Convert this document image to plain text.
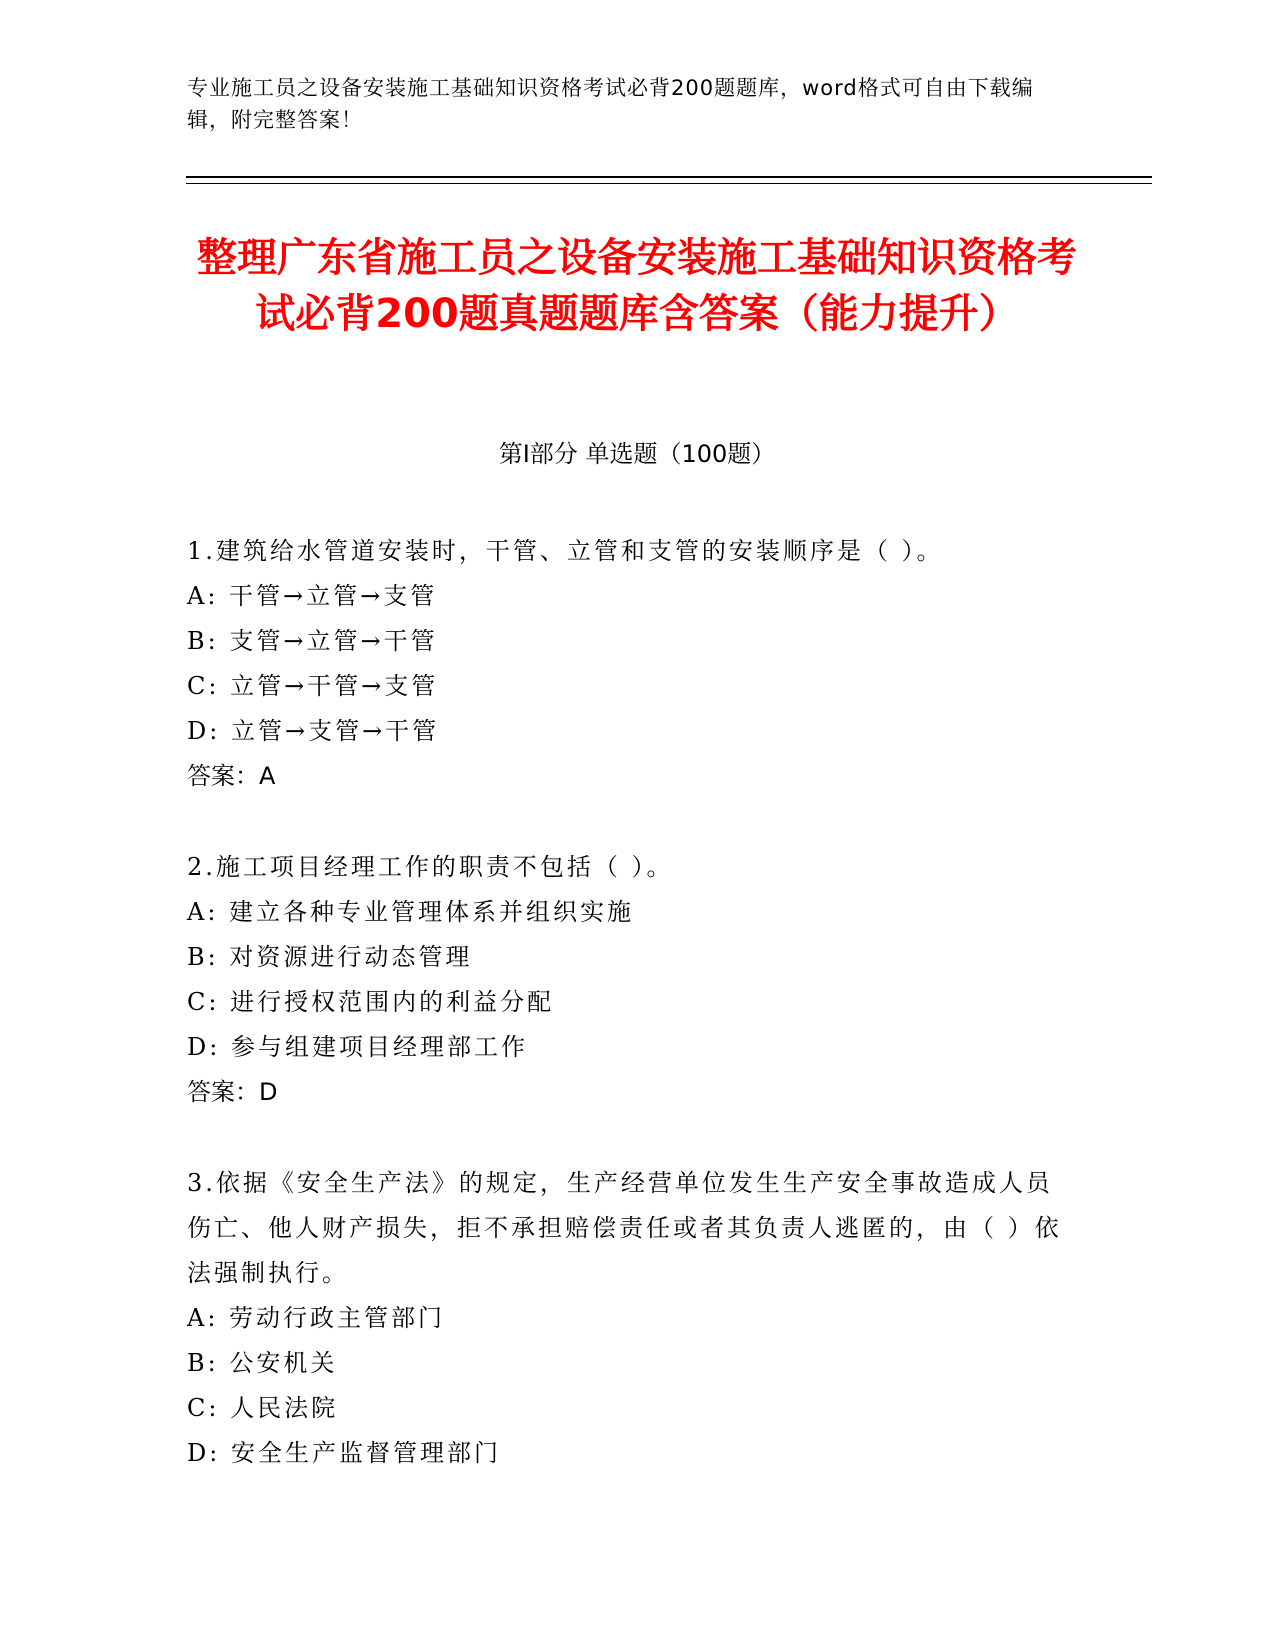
专业施工员之设备安装施工基础知识资格考试必背200题题库，word格式可自由下载编辑，附完整答案！

整理广东省施工员之设备安装施工基础知识资格考试必背200题真题题库含答案（能力提升）
第Ⅰ部分 单选题（100题）

1.建筑给水管道安装时，干管、立管和支管的安装顺序是（ ）。

A: 干管→立管→支管

B: 支管→立管→干管

C: 立管→干管→支管

D: 立管→支管→干管

答案：A

2.施工项目经理工作的职责不包括（ ）。

A: 建立各种专业管理体系并组织实施

B: 对资源进行动态管理

C: 进行授权范围内的利益分配

D: 参与组建项目经理部工作

答案：D

3.依据《安全生产法》的规定，生产经营单位发生生产安全事故造成人员伤亡、他人财产损失，拒不承担赔偿责任或者其负责人逃匿的，由（ ）依法强制执行。

A: 劳动行政主管部门

B: 公安机关

C: 人民法院

D: 安全生产监督管理部门
